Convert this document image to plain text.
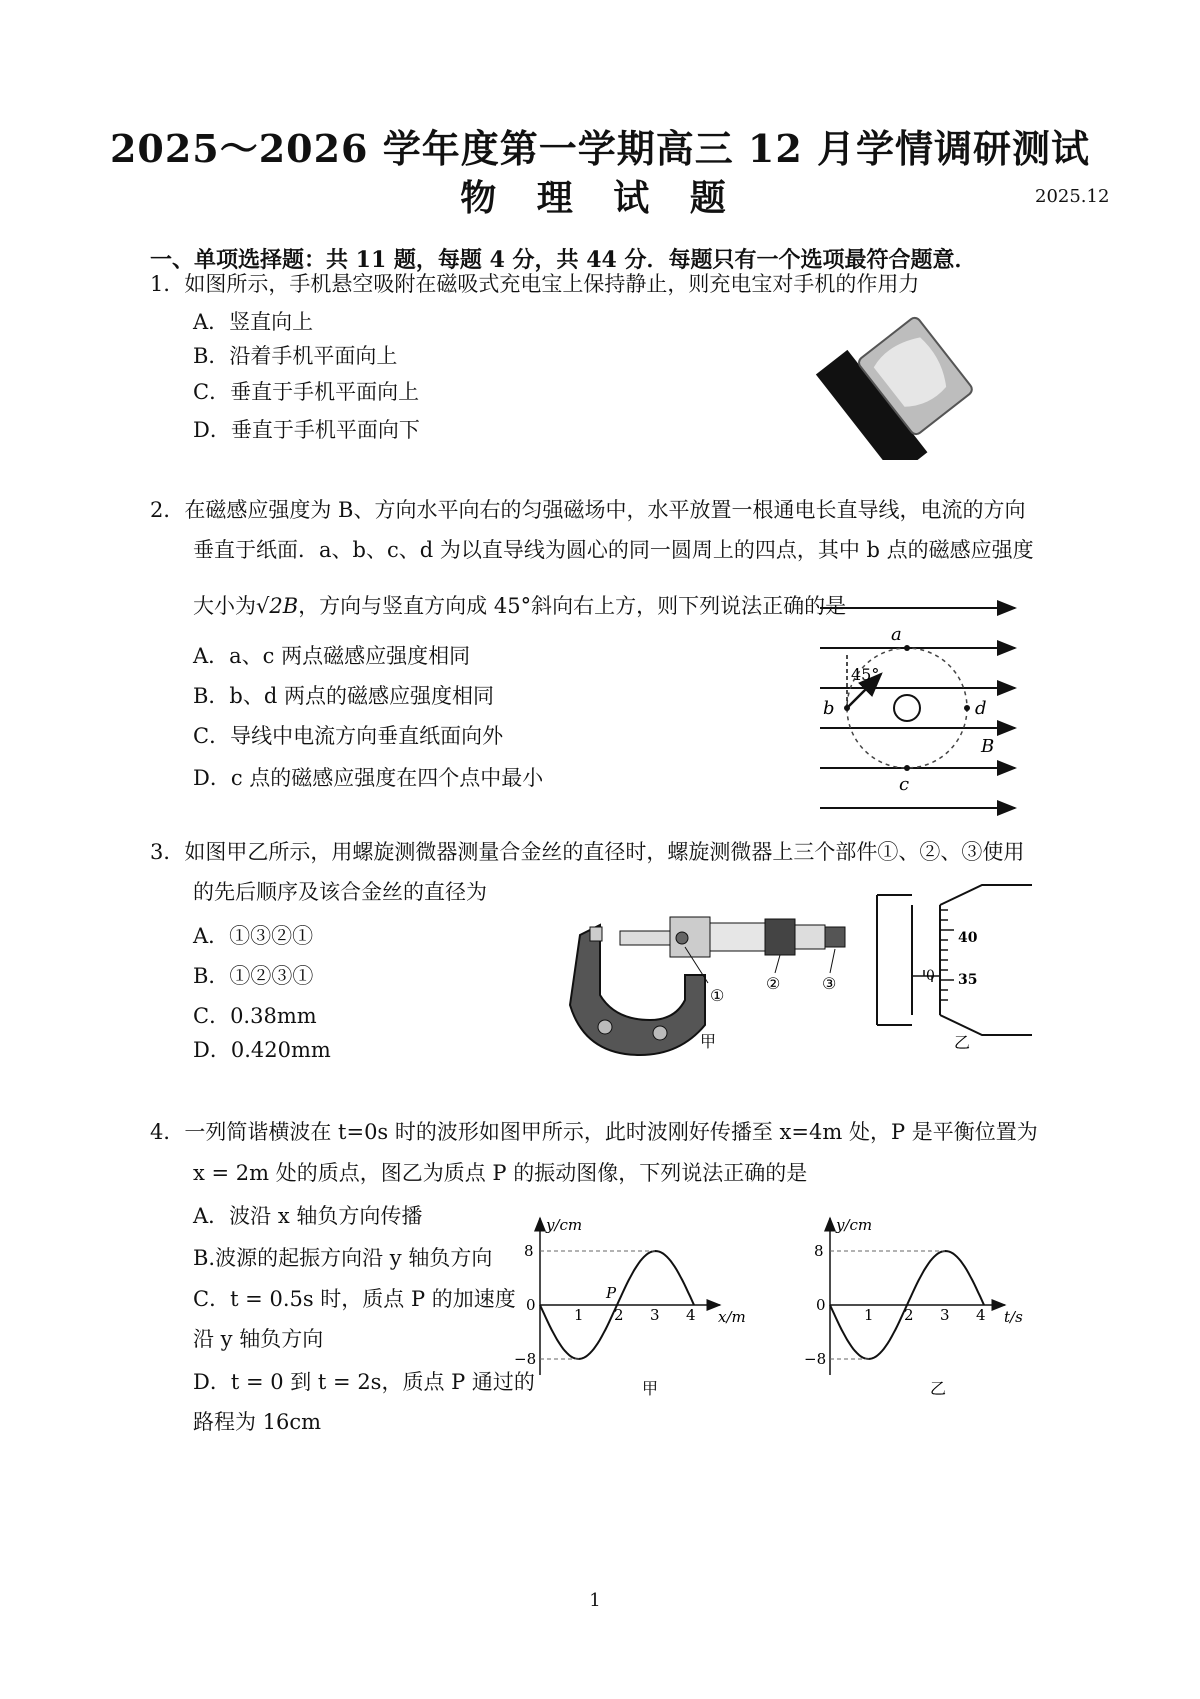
2025～2026 学年度第一学期高三 12 月学情调研测试
物 理 试 题	2025.12
一、单项选择题：共 11 题，每题 4 分，共 44 分．每题只有一个选项最符合题意．
1．如图所示，手机悬空吸附在磁吸式充电宝上保持静止，则充电宝对手机的作用力
A．竖直向上
B．沿着手机平面向上
C．垂直于手机平面向上
D．垂直于手机平面向下
2．在磁感应强度为 B、方向水平向右的匀强磁场中，水平放置一根通电长直导线，电流的方向
垂直于纸面．a、b、c、d 为以直导线为圆心的同一圆周上的四点，其中 b 点的磁感应强度
大小为√2B，方向与竖直方向成 45°斜向右上方，则下列说法正确的是
A．a、c 两点磁感应强度相同
B．b、d 两点的磁感应强度相同
C．导线中电流方向垂直纸面向外
D．c 点的磁感应强度在四个点中最小
45°
a
b	d
c
B
3．如图甲乙所示，用螺旋测微器测量合金丝的直径时，螺旋测微器上三个部件①、②、③使用
的先后顺序及该合金丝的直径为
A．①③②①
B．①②③①
C．0.38mm
D．0.420mm
①
②	③
甲
40
35
0
乙
4．一列简谐横波在 t=0s 时的波形如图甲所示，此时波刚好传播至 x=4m 处，P 是平衡位置为
x = 2m 处的质点，图乙为质点 P 的振动图像，下列说法正确的是
A．波沿 x 轴负方向传播
B.波源的起振方向沿 y 轴负方向
C．t = 0.5s 时，质点 P 的加速度
沿 y 轴负方向
D．t = 0 到 t = 2s，质点 P 通过的
路程为 16cm
y/cm
x/m
8
0
−8
1 2 3 4
P
甲
y/cm
t/s
8
0
−8
1 2 3 4
乙
1
